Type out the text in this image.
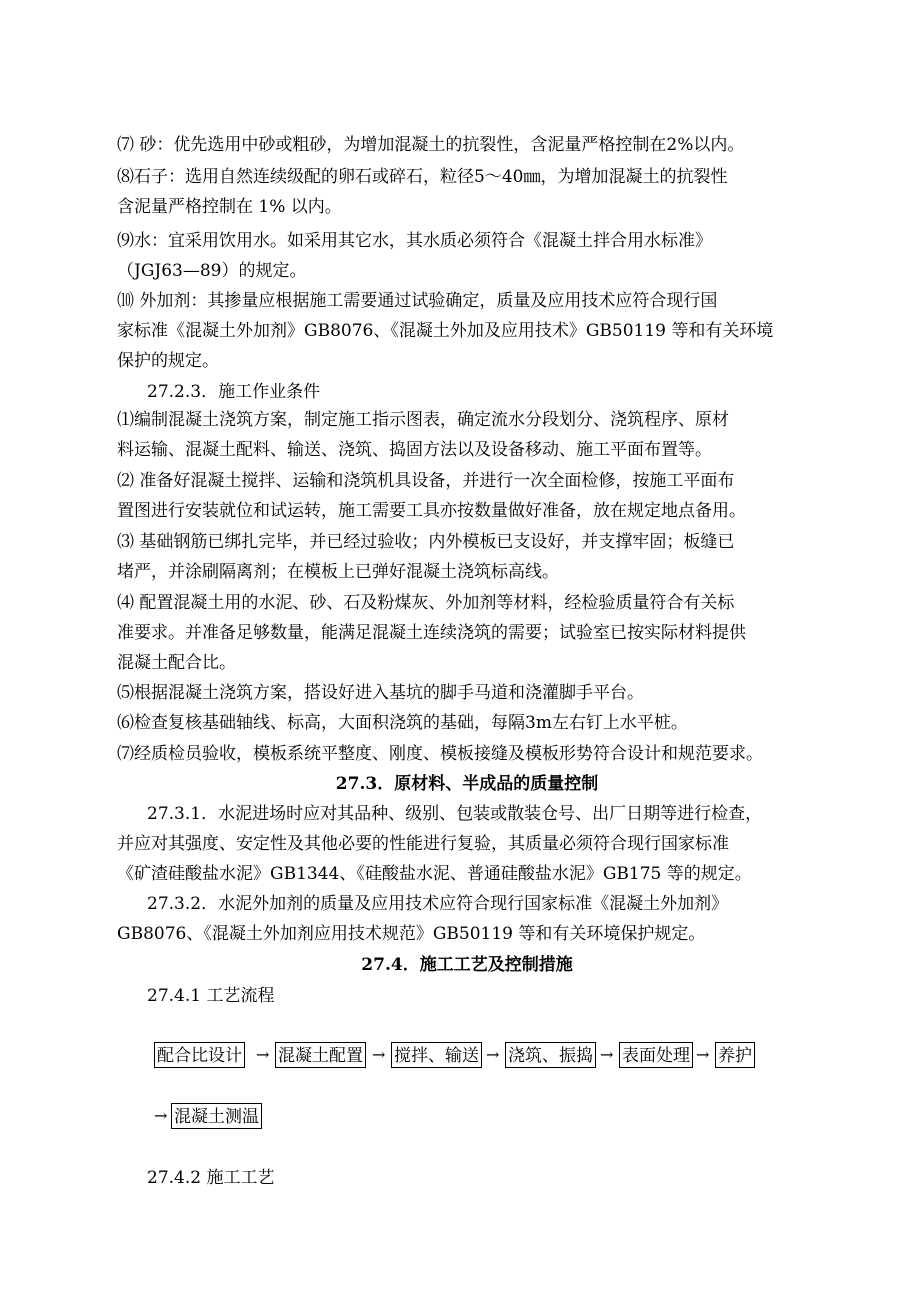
⑺ 砂：优先选用中砂或粗砂，为增加混凝土的抗裂性，含泥量严格控制在2%以内。

⑻石子：选用自然连续级配的卵石或碎石，粒径5～40㎜，为增加混凝土的抗裂性
含泥量严格控制在 1% 以内。

⑼水：宜采用饮用水。如采用其它水，其水质必须符合《混凝土拌合用水标准》
（JGJ63—89）的规定。

⑽ 外加剂：其掺量应根据施工需要通过试验确定，质量及应用技术应符合现行国
家标准《混凝土外加剂》GB8076、《混凝土外加及应用技术》GB50119 等和有关环境
保护的规定。

27.2.3．施工作业条件

⑴编制混凝土浇筑方案，制定施工指示图表，确定流水分段划分、浇筑程序、原材
料运输、混凝土配料、输送、浇筑、捣固方法以及设备移动、施工平面布置等。

⑵ 准备好混凝土搅拌、运输和浇筑机具设备，并进行一次全面检修，按施工平面布
置图进行安装就位和试运转，施工需要工具亦按数量做好准备，放在规定地点备用。

⑶ 基础钢筋已绑扎完毕，并已经过验收；内外模板已支设好，并支撑牢固；板缝已
堵严，并涂刷隔离剂；在模板上已弹好混凝土浇筑标高线。

⑷ 配置混凝土用的水泥、砂、石及粉煤灰、外加剂等材料，经检验质量符合有关标
准要求。并准备足够数量，能满足混凝土连续浇筑的需要；试验室已按实际材料提供
混凝土配合比。

⑸根据混凝土浇筑方案，搭设好进入基坑的脚手马道和浇灌脚手平台。

⑹检查复核基础轴线、标高，大面积浇筑的基础，每隔3m左右钉上水平桩。

⑺经质检员验收，模板系统平整度、刚度、模板接缝及模板形势符合设计和规范要求。

27.3．原材料、半成品的质量控制

27.3.1．水泥进场时应对其品种、级别、包装或散装仓号、出厂日期等进行检查，
并应对其强度、安定性及其他必要的性能进行复验，其质量必须符合现行国家标准
《矿渣硅酸盐水泥》GB1344、《硅酸盐水泥、普通硅酸盐水泥》GB175 等的规定。

27.3.2．水泥外加剂的质量及应用技术应符合现行国家标准《混凝土外加剂》
GB8076、《混凝土外加剂应用技术规范》GB50119 等和有关环境保护规定。

27.4．施工工艺及控制措施

27.4.1 工艺流程

配合比设计 → 混凝土配置 → 搅拌、输送 → 浇筑、振捣 → 表面处理 → 养护
→ 混凝土测温

27.4.2 施工工艺
